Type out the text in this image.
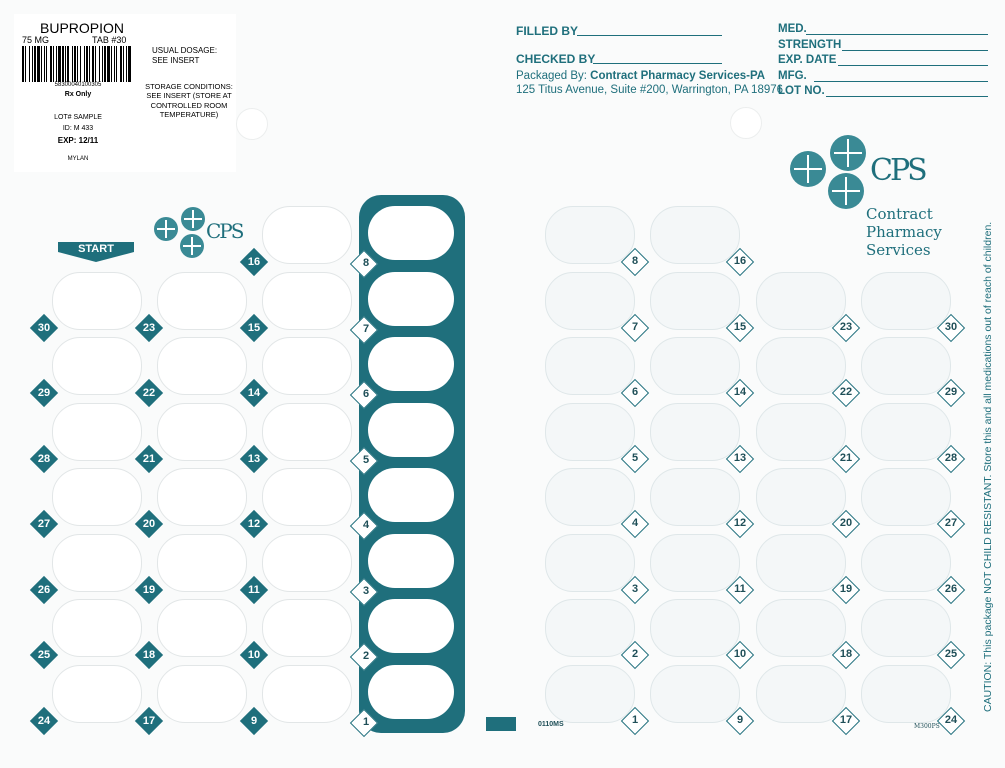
BUPROPION
75 MG	TAB #30
58300040100305
Rx Only
LOT# SAMPLE
ID: M 433
EXP: 12/11
MYLAN
USUAL DOSAGE: SEE INSERT
STORAGE CONDITIONS: SEE INSERT (STORE AT CONTROLLED ROOM TEMPERATURE)
FILLED BY
CHECKED BY
Packaged By: Contract Pharmacy Services-PA
125 Titus Avenue, Suite #200, Warrington, PA 18976
MED.
STRENGTH
EXP. DATE
MFG.
LOT NO.
CPS
Contract
Pharmacy
Services
CPS
START
30
29
28
27
26
25
24
23
22
21
20
19
18
17
16
15
14
13
12
11
10
9
8
7
6
5
4
3
2
1
8
7
6
5
4
3
2
1
16
15
14
13
12
11
10
9
23
22
21
20
19
18
17
30
29
28
27
26
25
24
0110MS	M300PS
CAUTION: This package NOT CHILD RESISTANT. Store this and all medications out of reach of children.
